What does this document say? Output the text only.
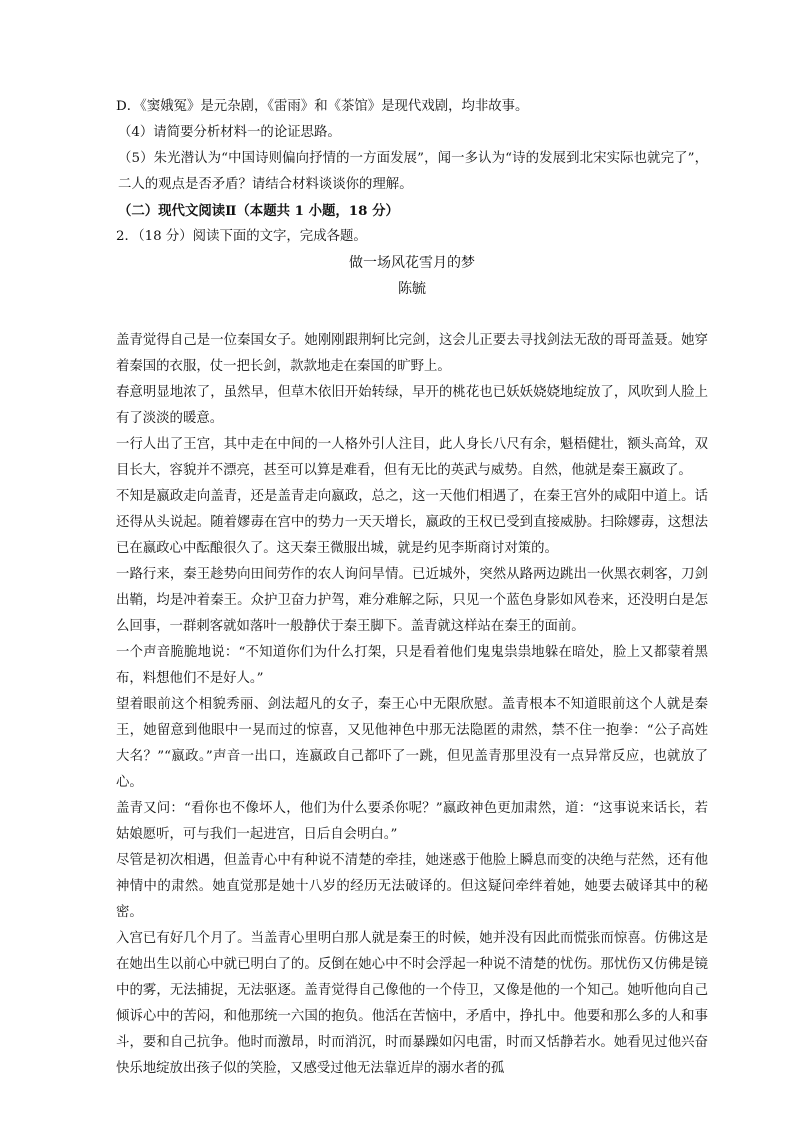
D．《窦娥冤》是元杂剧，《雷雨》和《茶馆》是现代戏剧，均非故事。

（4）请简要分析材料一的论证思路。

（5）朱光潜认为“中国诗则偏向抒情的一方面发展”，闻一多认为“诗的发展到北宋实际也就完了”，二人的观点是否矛盾？请结合材料谈谈你的理解。

（二）现代文阅读Ⅱ（本题共 1 小题，18 分）

2．（18 分）阅读下面的文字，完成各题。

做一场风花雪月的梦

陈毓

盖青觉得自己是一位秦国女子。她刚刚跟荆轲比完剑，这会儿正要去寻找剑法无敌的哥哥盖聂。她穿着秦国的衣服，仗一把长剑，款款地走在秦国的旷野上。

春意明显地浓了，虽然早，但草木依旧开始转绿，早开的桃花也已妖妖娆娆地绽放了，风吹到人脸上有了淡淡的暖意。

一行人出了王宫，其中走在中间的一人格外引人注目，此人身长八尺有余，魁梧健壮，额头高耸，双目长大，容貌并不漂亮，甚至可以算是难看，但有无比的英武与威势。自然，他就是秦王嬴政了。

不知是嬴政走向盖青，还是盖青走向嬴政，总之，这一天他们相遇了，在秦王宫外的咸阳中道上。话还得从头说起。随着嫪毐在宫中的势力一天天增长，嬴政的王权已受到直接威胁。扫除嫪毐，这想法已在嬴政心中酝酿很久了。这天秦王微服出城，就是约见李斯商讨对策的。

一路行来，秦王趁势向田间劳作的农人询问旱情。已近城外，突然从路两边跳出一伙黑衣刺客，刀剑出鞘，均是冲着秦王。众护卫奋力护驾，难分难解之际，只见一个蓝色身影如风卷来，还没明白是怎么回事，一群刺客就如落叶一般静伏于秦王脚下。盖青就这样站在秦王的面前。

一个声音脆脆地说：“不知道你们为什么打架，只是看着他们鬼鬼祟祟地躲在暗处，脸上又都蒙着黑布，料想他们不是好人。”

望着眼前这个相貌秀丽、剑法超凡的女子，秦王心中无限欣慰。盖青根本不知道眼前这个人就是秦王，她留意到他眼中一晃而过的惊喜，又见他神色中那无法隐匿的肃然，禁不住一抱拳：“公子高姓大名？”“嬴政。”声音一出口，连嬴政自己都吓了一跳，但见盖青那里没有一点异常反应，也就放了心。

盖青又问：“看你也不像坏人，他们为什么要杀你呢？”嬴政神色更加肃然，道：“这事说来话长，若姑娘愿听，可与我们一起进宫，日后自会明白。”

尽管是初次相遇，但盖青心中有种说不清楚的牵挂，她迷惑于他脸上瞬息而变的决绝与茫然，还有他神情中的肃然。她直觉那是她十八岁的经历无法破译的。但这疑问牵绊着她，她要去破译其中的秘密。

入宫已有好几个月了。当盖青心里明白那人就是秦王的时候，她并没有因此而慌张而惊喜。仿佛这是在她出生以前心中就已明白了的。反倒在她心中不时会浮起一种说不清楚的忧伤。那忧伤又仿佛是镜中的雾，无法捕捉，无法驱逐。盖青觉得自己像他的一个侍卫，又像是他的一个知己。她听他向自己倾诉心中的苦闷，和他那统一六国的抱负。他活在苦恼中，矛盾中，挣扎中。他要和那么多的人和事斗，要和自己抗争。他时而激昂，时而消沉，时而暴躁如闪电雷，时而又恬静若水。她看见过他兴奋快乐地绽放出孩子似的笑脸，又感受过他无法靠近岸的溺水者的孤
